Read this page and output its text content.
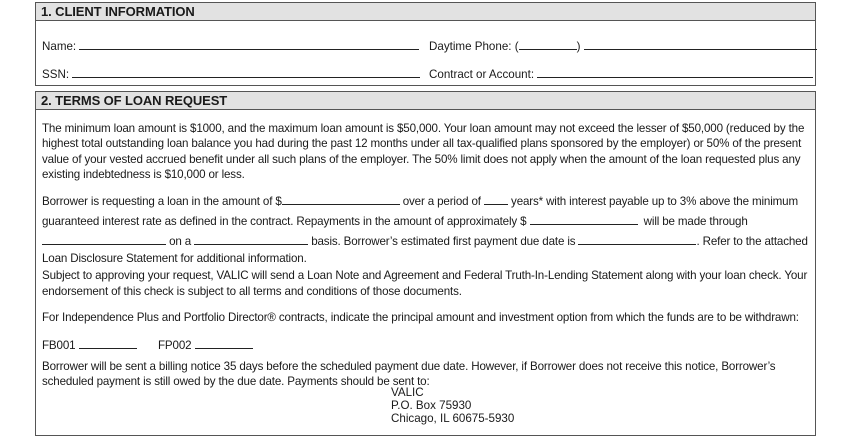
1. CLIENT INFORMATION
Name:	Daytime Phone: (	)
SSN:	Contract or Account:
2. TERMS OF LOAN REQUEST

The minimum loan amount is $1000, and the maximum loan amount is $50,000. Your loan amount may not exceed the lesser of $50,000 (reduced by the highest total outstanding loan balance you had during the past 12 months under all tax-qualified plans sponsored by the employer) or 50% of the present value of your vested accrued benefit under all such plans of the employer. The 50% limit does not apply when the amount of the loan requested plus any existing indebtedness is $10,000 or less.

Borrower is requesting a loan in the amount of $	over a period of	years* with interest payable up to 3% above the minimum
guaranteed interest rate as defined in the contract. Repayments in the amount of approximately $	will be made through
on a	basis. Borrower’s estimated first payment due date is	. Refer to the attached
Loan Disclosure Statement for additional information.

Subject to approving your request, VALIC will send a Loan Note and Agreement and Federal Truth-In-Lending Statement along with your loan check. Your endorsement of this check is subject to all terms and conditions of those documents.

For Independence Plus and Portfolio Director® contracts, indicate the principal amount and investment option from which the funds are to be withdrawn:
FB001	FP002

Borrower will be sent a billing notice 35 days before the scheduled payment due date. However, if Borrower does not receive this notice, Borrower’s scheduled payment is still owed by the due date. Payments should be sent to:

VALIC
P.O. Box 75930
Chicago, IL 60675-5930
